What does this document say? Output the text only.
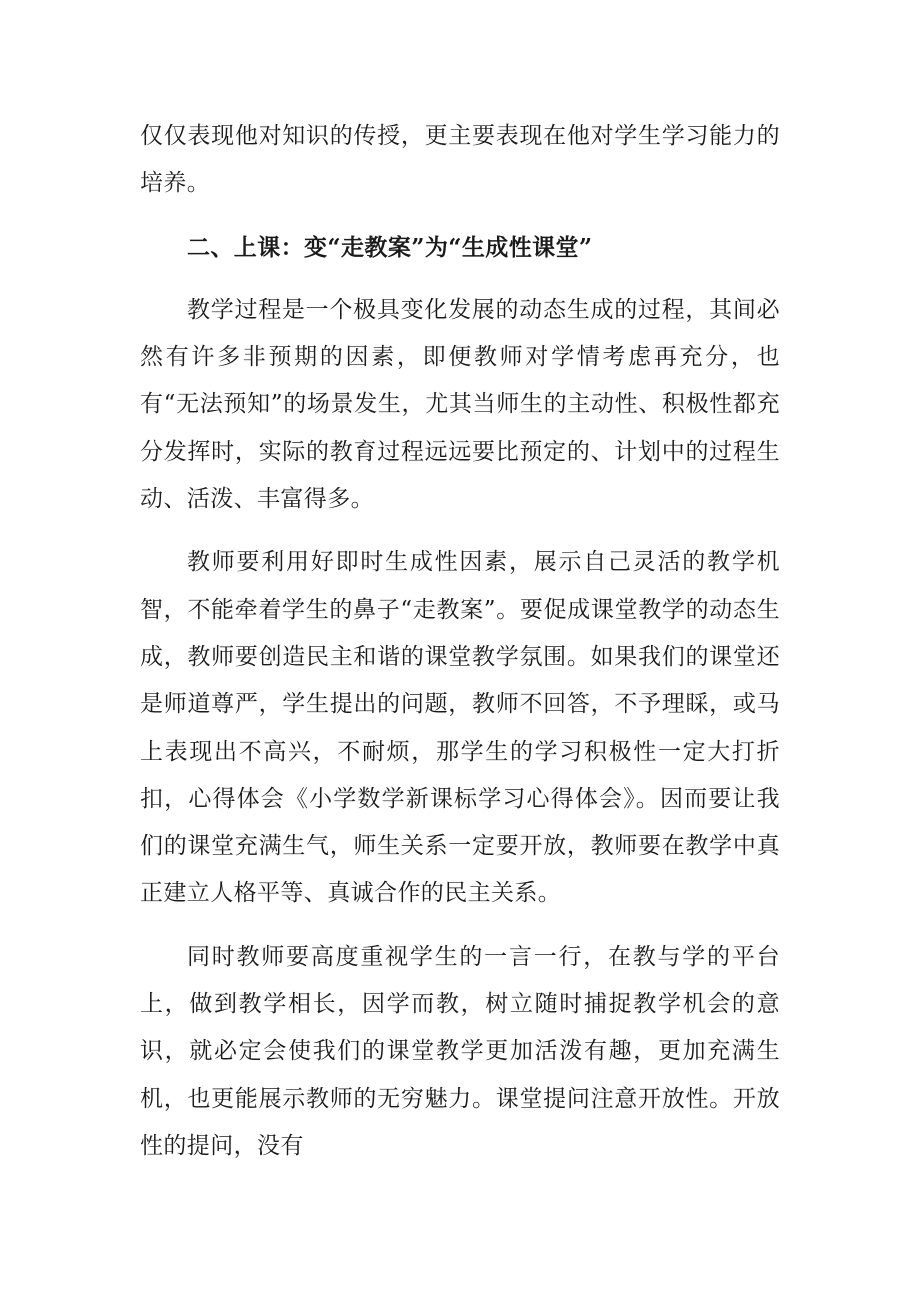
仅仅表现他对知识的传授，更主要表现在他对学生学习能力的培养。

二、上课：变“走教案”为“生成性课堂”

教学过程是一个极具变化发展的动态生成的过程，其间必然有许多非预期的因素，即便教师对学情考虑再充分，也有“无法预知”的场景发生，尤其当师生的主动性、积极性都充分发挥时，实际的教育过程远远要比预定的、计划中的过程生动、活泼、丰富得多。

教师要利用好即时生成性因素，展示自己灵活的教学机智，不能牵着学生的鼻子“走教案”。要促成课堂教学的动态生成，教师要创造民主和谐的课堂教学氛围。如果我们的课堂还是师道尊严，学生提出的问题，教师不回答，不予理睬，或马上表现出不高兴，不耐烦，那学生的学习积极性一定大打折扣，心得体会《小学数学新课标学习心得体会》。因而要让我们的课堂充满生气，师生关系一定要开放，教师要在教学中真正建立人格平等、真诚合作的民主关系。

同时教师要高度重视学生的一言一行，在教与学的平台上，做到教学相长，因学而教，树立随时捕捉教学机会的意识，就必定会使我们的课堂教学更加活泼有趣，更加充满生机，也更能展示教师的无穷魅力。课堂提问注意开放性。开放性的提问，没有
